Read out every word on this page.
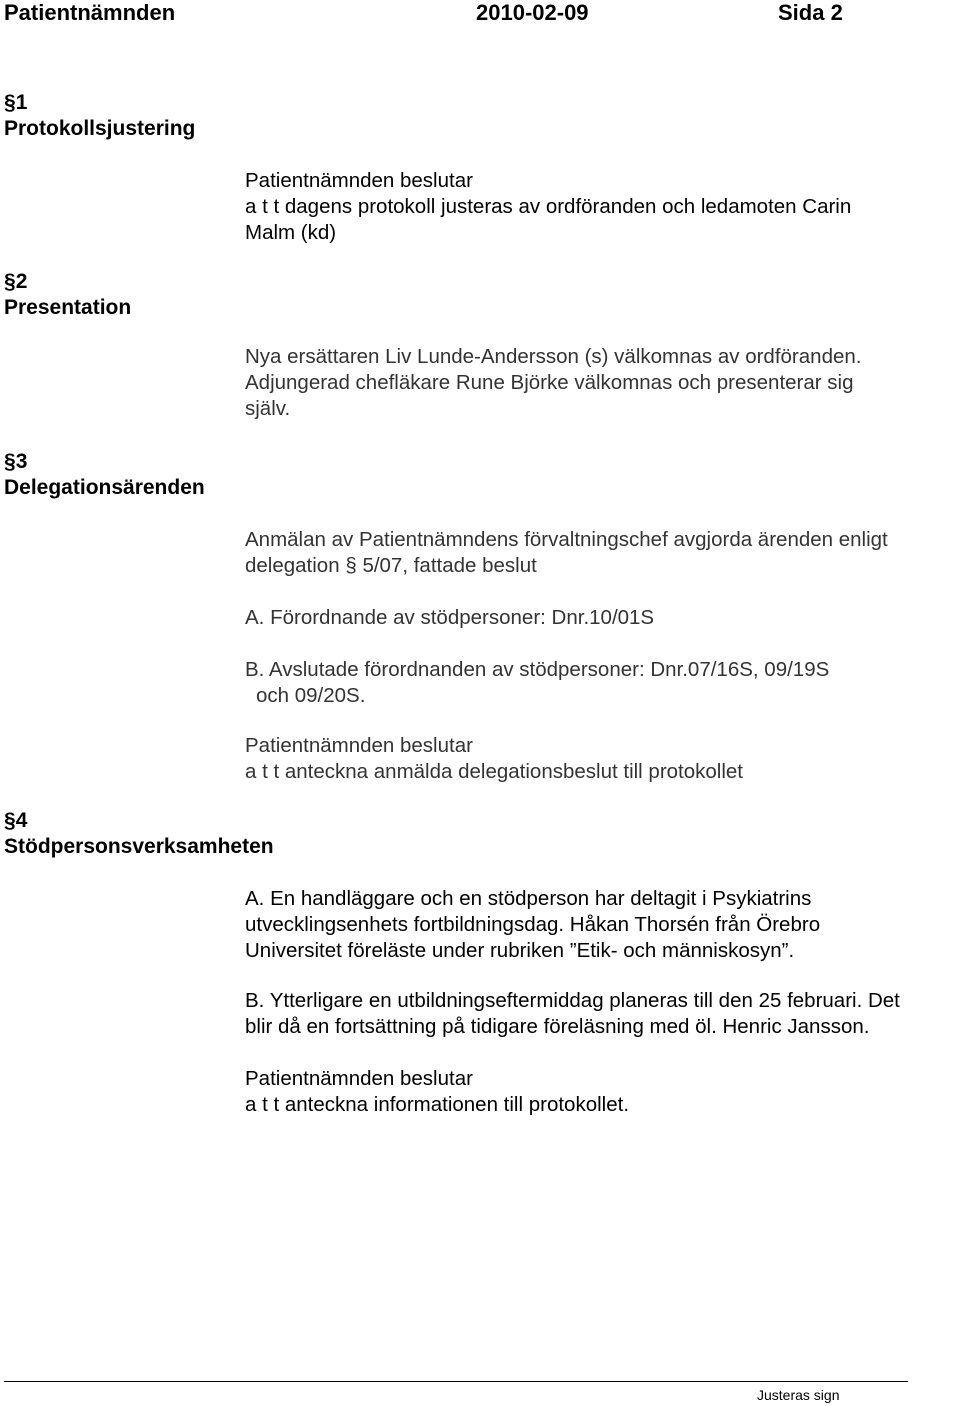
Patientnämnden	2010-02-09	Sida 2

§1

Protokollsjustering

Patientnämnden beslutar

a t t dagens protokoll justeras av ordföranden och ledamoten Carin

Malm (kd)

§2

Presentation

Nya ersättaren Liv Lunde-Andersson (s) välkomnas av ordföranden.

Adjungerad chefläkare Rune Björke välkomnas och presenterar sig

själv.

§3

Delegationsärenden

Anmälan av Patientnämndens förvaltningschef avgjorda ärenden enligt

delegation § 5/07, fattade beslut

A. Förordnande av stödpersoner: Dnr.10/01S

B. Avslutade förordnanden av stödpersoner: Dnr.07/16S, 09/19S

och 09/20S.

Patientnämnden beslutar

a t t anteckna anmälda delegationsbeslut till protokollet

§4

Stödpersonsverksamheten

A. En handläggare och en stödperson har deltagit i Psykiatrins

utvecklingsenhets fortbildningsdag. Håkan Thorsén från Örebro

Universitet föreläste under rubriken ”Etik- och människosyn”.

B. Ytterligare en utbildningseftermiddag planeras till den 25 februari. Det

blir då en fortsättning på tidigare föreläsning med öl. Henric Jansson.

Patientnämnden beslutar

a t t anteckna informationen till protokollet.

Justeras sign
